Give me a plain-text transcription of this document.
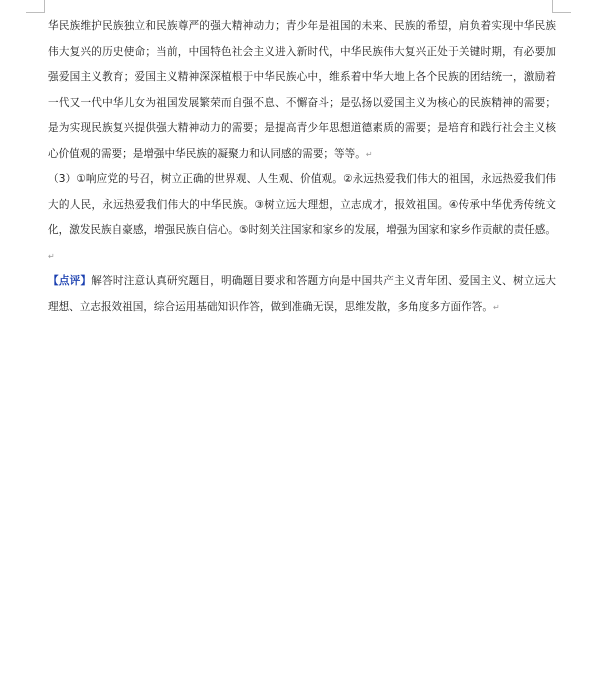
华民族维护民族独立和民族尊严的强大精神动力；青少年是祖国的未来、民族的希望，肩负着实现中华民族伟大复兴的历史使命；当前，中国特色社会主义进入新时代，中华民族伟大复兴正处于关键时期，有必要加强爱国主义教育；爱国主义精神深深植根于中华民族心中，维系着中华大地上各个民族的团结统一，激励着一代又一代中华儿女为祖国发展繁荣而自强不息、不懈奋斗；是弘扬以爱国主义为核心的民族精神的需要；是为实现民族复兴提供强大精神动力的需要；是提高青少年思想道德素质的需要；是培育和践行社会主义核心价值观的需要；是增强中华民族的凝聚力和认同感的需要；等等。↵

（3）①响应党的号召，树立正确的世界观、人生观、价值观。②永远热爱我们伟大的祖国，永远热爱我们伟大的人民，永远热爱我们伟大的中华民族。③树立远大理想，立志成才，报效祖国。④传承中华优秀传统文化，激发民族自豪感，增强民族自信心。⑤时刻关注国家和家乡的发展，增强为国家和家乡作贡献的责任感。↵

【点评】解答时注意认真研究题目，明确题目要求和答题方向是中国共产主义青年团、爱国主义、树立远大理想、立志报效祖国，综合运用基础知识作答，做到准确无误，思维发散，多角度多方面作答。↵
